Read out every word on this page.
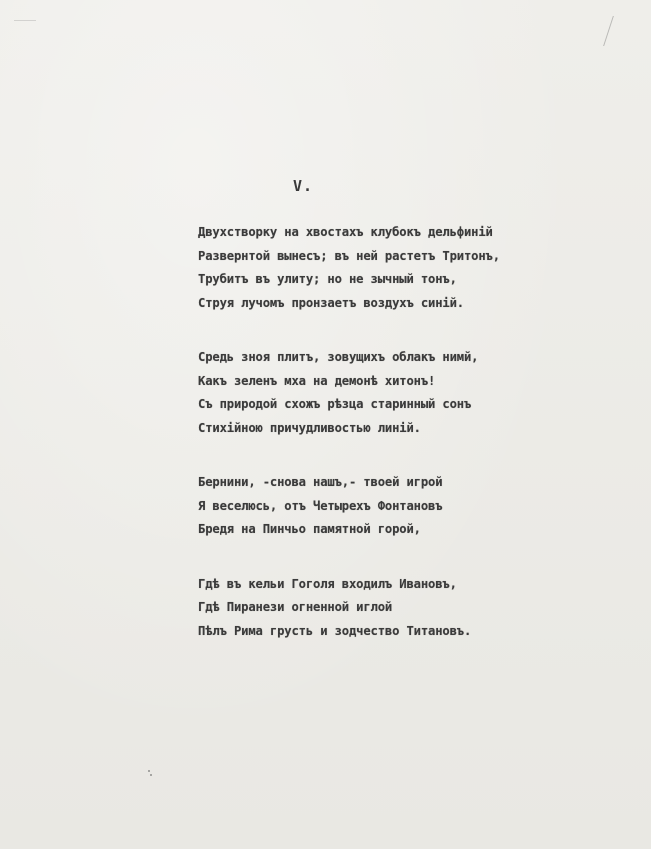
V.
Двухстворку на хвостахъ клубокъ дельфиній
Развернтой вынесъ; въ ней растетъ Тритонъ,
Трубитъ въ улиту; но не зычный тонъ,
Струя лучомъ пронзаетъ воздухъ синій.
Средь зноя плитъ, зовущихъ облакъ нимй,
Какъ зеленъ мха на демонѣ хитонъ!
Съ природой схожъ рѣзца старинный сонъ
Стихійною причудливостью линій.
Бернини, -снова нашъ,- твоей игрой
Я веселюсь, отъ Четырехъ Фонтановъ
Бредя на Пинчьо памятной горой,
Гдѣ въ кельи Гоголя входилъ Ивановъ,
Гдѣ Пиранези огненной иглой
Пѣлъ Рима грусть и зодчество Титановъ.
